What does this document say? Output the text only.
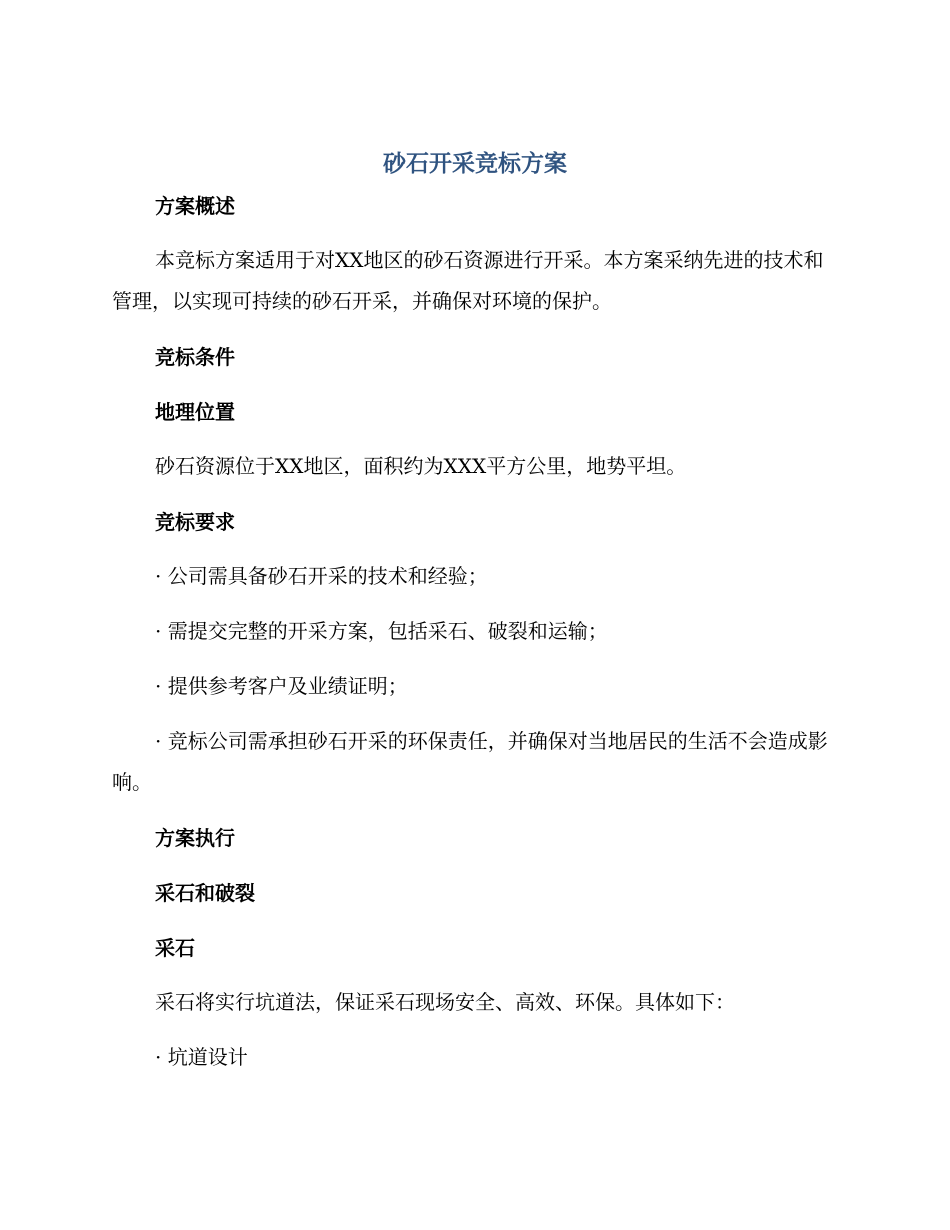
砂石开采竞标方案
方案概述
本竞标方案适用于对XX地区的砂石资源进行开采。本方案采纳先进的技术和管理，以实现可持续的砂石开采，并确保对环境的保护。
竞标条件
地理位置
砂石资源位于XX地区，面积约为XXX平方公里，地势平坦。
竞标要求
· 公司需具备砂石开采的技术和经验；
· 需提交完整的开采方案，包括采石、破裂和运输；
· 提供参考客户及业绩证明；
· 竞标公司需承担砂石开采的环保责任，并确保对当地居民的生活不会造成影响。
方案执行
采石和破裂
采石
采石将实行坑道法，保证采石现场安全、高效、环保。具体如下：
· 坑道设计
